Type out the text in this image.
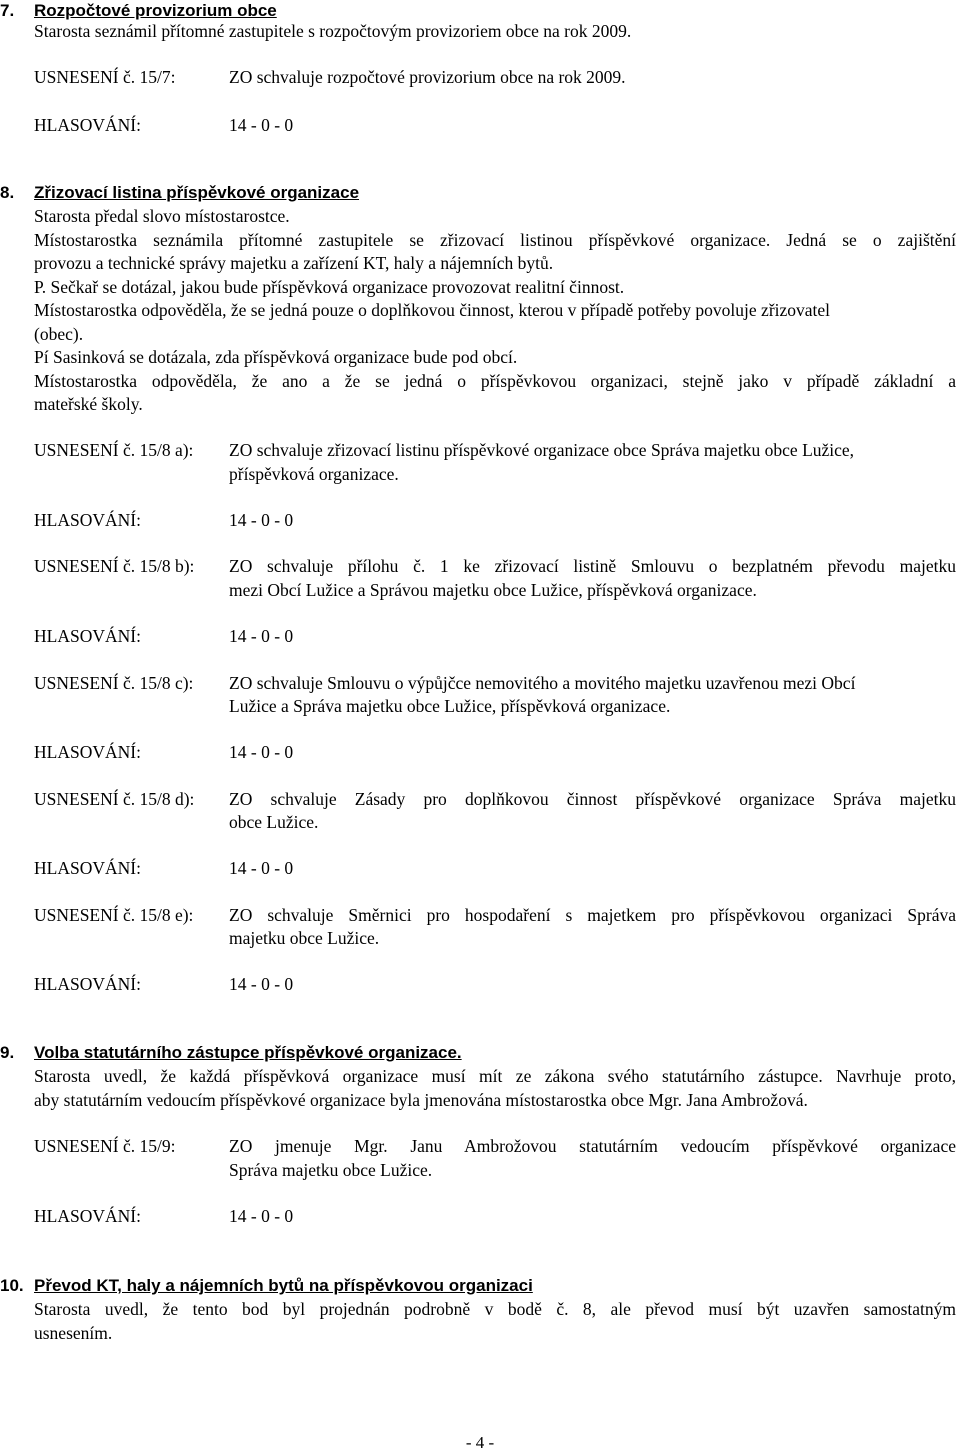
7. Rozpočtové provizorium obce
Starosta seznámil přítomné zastupitele s rozpočtovým provizoriem obce na rok 2009.
USNESENÍ č. 15/7:	ZO schvaluje rozpočtové provizorium obce na rok 2009.
HLASOVÁNÍ:	14 - 0 - 0
8. Zřizovací listina příspěvkové organizace
Starosta předal slovo místostarostce.
Místostarostka seznámila přítomné zastupitele se zřizovací listinou příspěvkové organizace. Jedná se o zajištění
provozu a technické správy majetku a zařízení KT, haly a nájemních bytů.
P. Sečkař se dotázal, jakou bude příspěvková organizace provozovat realitní činnost.
Místostarostka odpověděla, že se jedná pouze o doplňkovou činnost, kterou v případě potřeby povoluje zřizovatel
(obec).
Pí Sasinková se dotázala, zda příspěvková organizace bude pod obcí.
Místostarostka odpověděla, že ano a že se jedná o příspěvkovou organizaci, stejně jako v případě základní a
mateřské školy.
USNESENÍ č. 15/8 a): ZO schvaluje zřizovací listinu příspěvkové organizace obce Správa majetku obce Lužice,
příspěvková organizace.
HLASOVÁNÍ:	14 - 0 - 0
USNESENÍ č. 15/8 b): ZO schvaluje přílohu č. 1 ke zřizovací listině Smlouvu o bezplatném převodu majetku
mezi Obcí Lužice a Správou majetku obce Lužice, příspěvková organizace.
HLASOVÁNÍ:	14 - 0 - 0
USNESENÍ č. 15/8 c): ZO schvaluje Smlouvu o výpůjčce nemovitého a movitého majetku uzavřenou mezi Obcí
Lužice a Správa majetku obce Lužice, příspěvková organizace.
HLASOVÁNÍ:	14 - 0 - 0
USNESENÍ č. 15/8 d): ZO schvaluje Zásady pro doplňkovou činnost příspěvkové organizace Správa majetku
obce Lužice.
HLASOVÁNÍ:	14 - 0 - 0
USNESENÍ č. 15/8 e): ZO schvaluje Směrnici pro hospodaření s majetkem pro příspěvkovou organizaci Správa
majetku obce Lužice.
HLASOVÁNÍ:	14 - 0 - 0
9. Volba statutárního zástupce příspěvkové organizace.
Starosta uvedl, že každá příspěvková organizace musí mít ze zákona svého statutárního zástupce. Navrhuje proto,
aby statutárním vedoucím příspěvkové organizace byla jmenována místostarostka obce Mgr. Jana Ambrožová.
USNESENÍ č. 15/9:	ZO jmenuje Mgr. Janu Ambrožovou statutárním vedoucím příspěvkové organizace
Správa majetku obce Lužice.
HLASOVÁNÍ:	14 - 0 - 0
10. Převod KT, haly a nájemních bytů na příspěvkovou organizaci
Starosta uvedl, že tento bod byl projednán podrobně v bodě č. 8, ale převod musí být uzavřen samostatným
usnesením.
- 4 -
